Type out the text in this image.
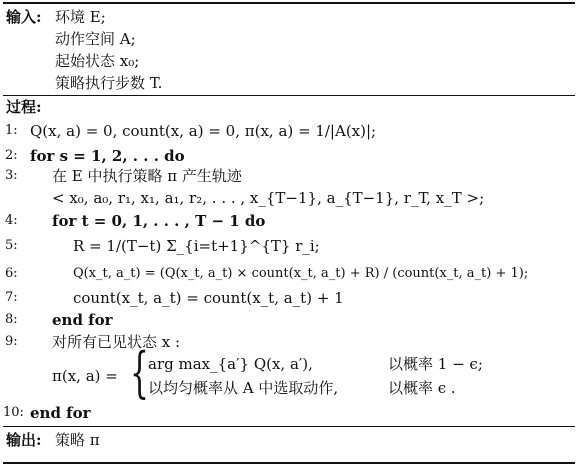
输入: 环境 E;
动作空间 A;
起始状态 x₀;
策略执行步数 T.
过程:
1: Q(x, a) = 0, count(x, a) = 0, π(x, a) = 1/|A(x)|;
2: for s = 1, 2, . . . do
3:	在 E 中执行策略 π 产生轨迹
< x₀, a₀, r₁, x₁, a₁, r₂, . . . , x_{T−1}, a_{T−1}, r_T, x_T >;
4:	for t = 0, 1, . . . , T − 1 do
5:	R = 1/(T−t) Σ_{i=t+1}^{T} r_i;
6:	Q(x_t, a_t) = (Q(x_t, a_t) × count(x_t, a_t) + R) / (count(x_t, a_t) + 1);
7:	count(x_t, a_t) = count(x_t, a_t) + 1
8:	end for
9:	对所有已见状态 x :
π(x, a) = { arg max_{a′} Q(x, a′),	以概率 1 − ϵ;
以均匀概率从 A 中选取动作,	以概率 ϵ .
10: end for
输出: 策略 π
